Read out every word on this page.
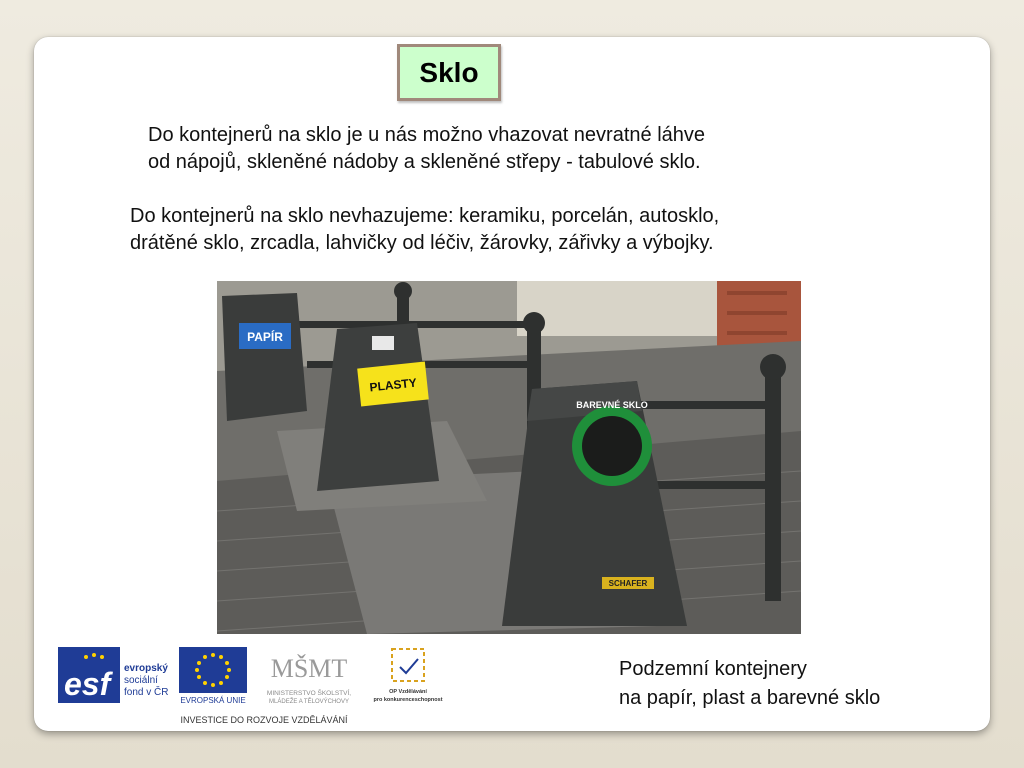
Sklo
Do kontejnerů na sklo je u nás možno vhazovat nevratné láhve
od nápojů, skleněné nádoby a skleněné střepy - tabulové sklo.
Do kontejnerů na sklo nevhazujeme: keramiku, porcelán, autosklo,
drátěné sklo, zrcadla, lahvičky od léčiv, žárovky, zářivky a výbojky.
PAPÍR
PLASTY
BAREVNÉ SKLO
SCHAFER
Podzemní kontejnery
na papír, plast a barevné sklo
esf	evropský
sociální
fond v ČR
EVROPSKÁ UNIE
MŠMT
MINISTERSTVO ŠKOLSTVÍ,
MLÁDEŽE A TĚLOVÝCHOVY
OP Vzdělávání
pro konkurenceschopnost
INVESTICE DO ROZVOJE VZDĚLÁVÁNÍ
